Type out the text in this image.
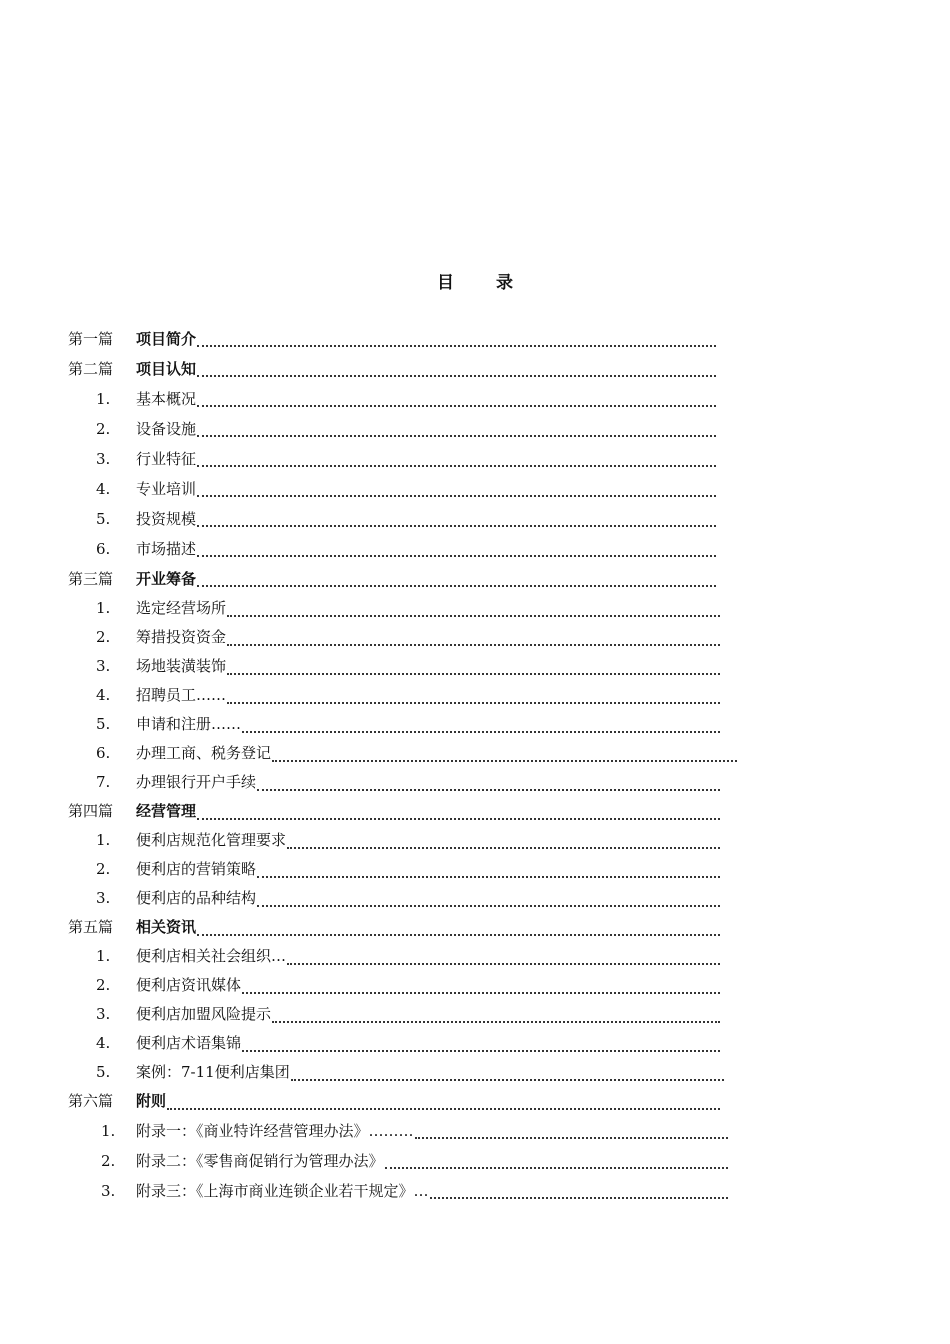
目 录
第一篇	项目简介
第二篇	项目认知
1.	基本概况
2.	设备设施
3.	行业特征
4.	专业培训
5.	投资规模
6.	市场描述
第三篇	开业筹备
1.	选定经营场所
2.	筹措投资资金
3.	场地装潢装饰
4.	招聘员工……
5.	申请和注册……
6.	办理工商、税务登记
7.	办理银行开户手续
第四篇	经营管理
1.	便利店规范化管理要求
2.	便利店的营销策略
3.	便利店的品种结构
第五篇	相关资讯
1.	便利店相关社会组织…
2.	便利店资讯媒体
3.	便利店加盟风险提示
4.	便利店术语集锦
5.	案例：7-11便利店集团
第六篇	附则
1.	附录一：《商业特许经营管理办法》………
2.	附录二：《零售商促销行为管理办法》
3.	附录三：《上海市商业连锁企业若干规定》…
